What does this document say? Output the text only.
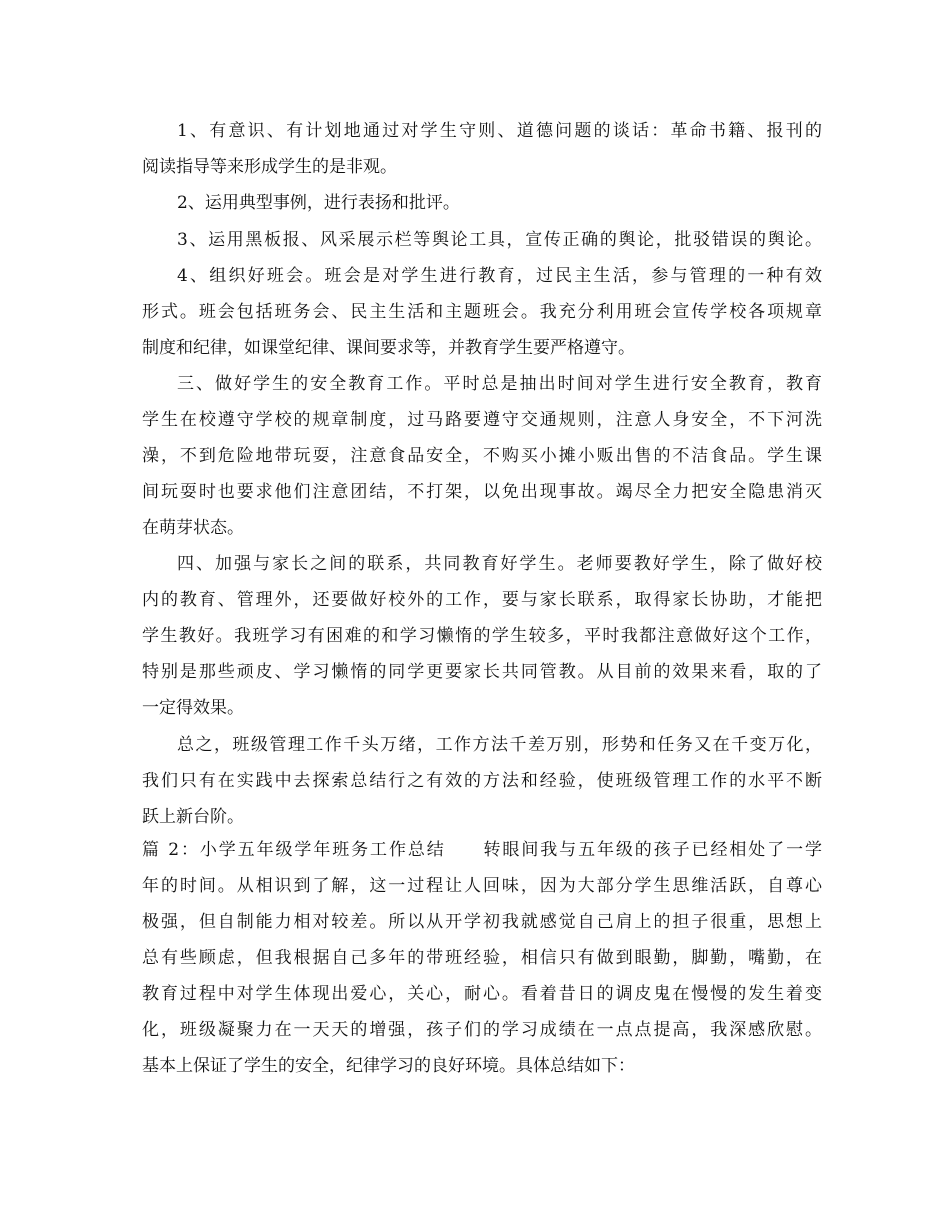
1、有意识、有计划地通过对学生守则、道德问题的谈话：革命书籍、报刊的
阅读指导等来形成学生的是非观。
2、运用典型事例，进行表扬和批评。
3、运用黑板报、风采展示栏等舆论工具，宣传正确的舆论，批驳错误的舆论。
4、组织好班会。班会是对学生进行教育，过民主生活，参与管理的一种有效
形式。班会包括班务会、民主生活和主题班会。我充分利用班会宣传学校各项规章
制度和纪律，如课堂纪律、课间要求等，并教育学生要严格遵守。
三、做好学生的安全教育工作。平时总是抽出时间对学生进行安全教育，教育
学生在校遵守学校的规章制度，过马路要遵守交通规则，注意人身安全，不下河洗
澡，不到危险地带玩耍，注意食品安全，不购买小摊小贩出售的不洁食品。学生课
间玩耍时也要求他们注意团结，不打架，以免出现事故。竭尽全力把安全隐患消灭
在萌芽状态。
四、加强与家长之间的联系，共同教育好学生。老师要教好学生，除了做好校
内的教育、管理外，还要做好校外的工作，要与家长联系，取得家长协助，才能把
学生教好。我班学习有困难的和学习懒惰的学生较多，平时我都注意做好这个工作，
特别是那些顽皮、学习懒惰的同学更要家长共同管教。从目前的效果来看，取的了
一定得效果。
总之，班级管理工作千头万绪，工作方法千差万别，形势和任务又在千变万化，
我们只有在实践中去探索总结行之有效的方法和经验，使班级管理工作的水平不断
跃上新台阶。
篇 2：小学五年级学年班务工作总结　　转眼间我与五年级的孩子已经相处了一学
年的时间。从相识到了解，这一过程让人回味，因为大部分学生思维活跃，自尊心
极强，但自制能力相对较差。所以从开学初我就感觉自己肩上的担子很重，思想上
总有些顾虑，但我根据自己多年的带班经验，相信只有做到眼勤，脚勤，嘴勤，在
教育过程中对学生体现出爱心，关心，耐心。看着昔日的调皮鬼在慢慢的发生着变
化，班级凝聚力在一天天的增强，孩子们的学习成绩在一点点提高，我深感欣慰。
基本上保证了学生的安全，纪律学习的良好环境。具体总结如下：
